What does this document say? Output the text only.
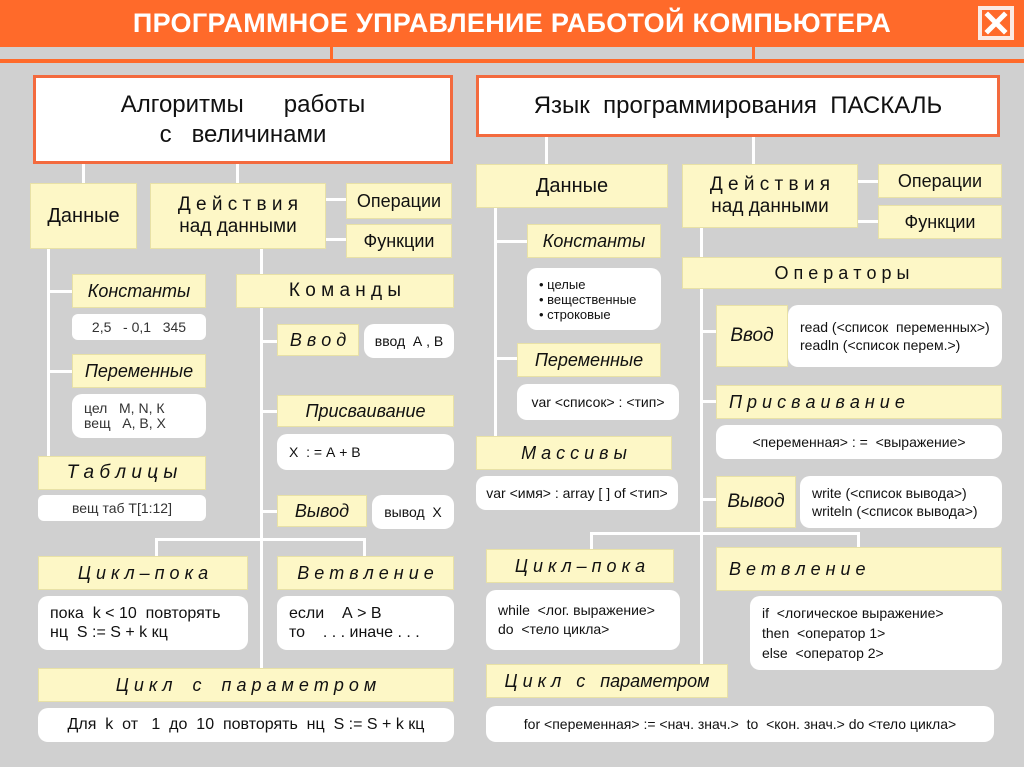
ПРОГРАММНОЕ УПРАВЛЕНИЕ РАБОТОЙ КОМПЬЮТЕРА
Алгоритмы      работы
с   величинами
Данные	Д е й с т в и я
над данными
Операции
Функции
Константы
2,5   - 0,1   345
Переменные
цел   М, N, К
вещ   А, В, Х
Т а б л и ц ы
вещ таб Т[1:12]
К о м а н д ы
В в о д	ввод  А , В
Присваивание
Х  : = А + В
Вывод	вывод  Х
Ц и к л – п о к а
пока  k < 10  повторять
нц  S := S + k кц
В е т в л е н и е
если    А > В
то    . . . иначе . . .
Ц и к л    с    п а р а м е т р о м
Для  k  от   1  до  10  повторять  нц  S := S + k кц
Язык  программирования  ПАСКАЛЬ
Данные	Д е й с т в и я
над данными
Операции
Функции
Константы
• целые
• вещественные
• строковые
О п е р а т о р ы
Ввод	read (<список  переменных>)
readln (<список перем.>)
Переменные
var <список> : <тип>	П р и с в а и в а н и е
<переменная> : =  <выражение>
М а с с и в ы
var <имя> : array [ ] of <тип>	Вывод	write (<список вывода>)
writeln (<список вывода>)
Ц и к л – п о к а
while  <лог. выражение>
do  <тело цикла>
В е т в л е н и е
if  <логическое выражение>
then  <оператор 1>
else  <оператор 2>
Ц и к л   с   параметром
for <переменная> := <нач. знач.>  to  <кон. знач.> do <тело цикла>
